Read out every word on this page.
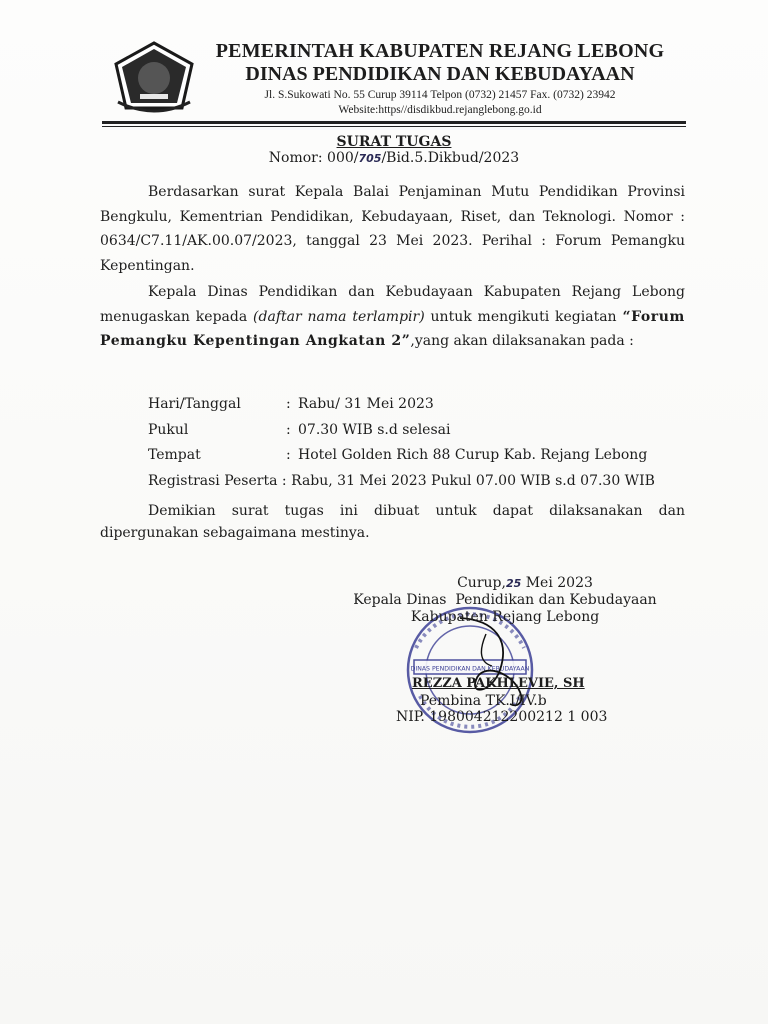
PEMERINTAH KABUPATEN REJANG LEBONG
DINAS PENDIDIKAN DAN KEBUDAYAAN
Jl. S.Sukowati No. 55 Curup 39114 Telpon (0732) 21457 Fax. (0732) 23942
Website:https//disdikbud.rejanglebong.go.id
SURAT TUGAS
Nomor: 000/705/Bid.5.Dikbud/2023
Berdasarkan surat Kepala Balai Penjaminan Mutu Pendidikan Provinsi Bengkulu, Kementrian Pendidikan, Kebudayaan, Riset, dan Teknologi. Nomor : 0634/C7.11/AK.00.07/2023, tanggal 23 Mei 2023. Perihal : Forum Pemangku Kepentingan.
Kepala Dinas Pendidikan dan Kebudayaan Kabupaten Rejang Lebong menugaskan kepada (daftar nama terlampir) untuk mengikuti kegiatan “Forum Pemangku Kepentingan Angkatan 2”,yang akan dilaksanakan pada :
Hari/Tanggal	: Rabu/ 31 Mei 2023
Pukul	: 07.30 WIB s.d selesai
Tempat	: Hotel Golden Rich 88 Curup Kab. Rejang Lebong
Registrasi Peserta : Rabu, 31 Mei 2023 Pukul 07.00 WIB s.d 07.30 WIB
Demikian surat tugas ini dibuat untuk dapat dilaksanakan dan dipergunakan sebagaimana mestinya.
DINAS PENDIDIKAN DAN KEBUDAYAAN
Curup,25 Mei 2023
Kepala Dinas  Pendidikan dan Kebudayaan
Kabupaten Rejang Lebong
REZZA PAKHLEVIE, SH
Pembina TK.I/IV.b
NIP. 198004212200212 1 003
